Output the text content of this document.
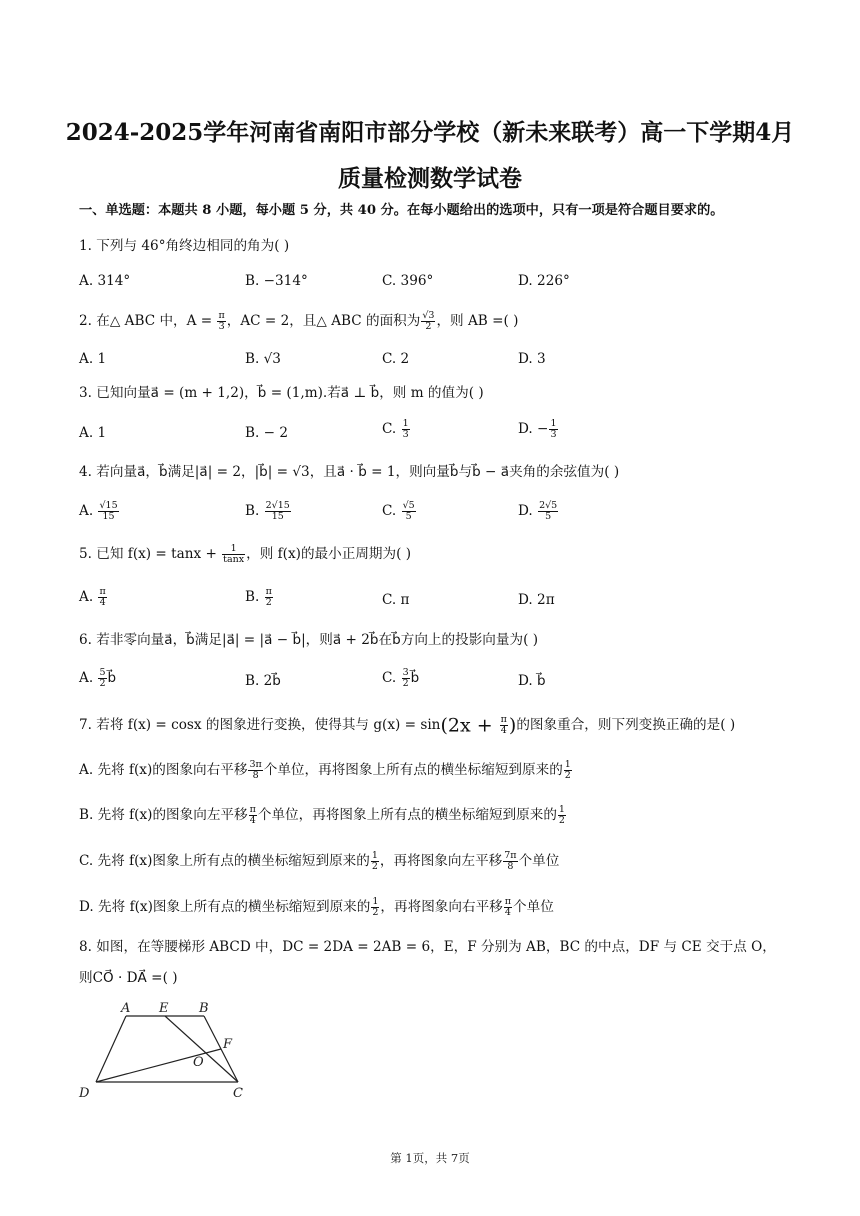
2024-2025学年河南省南阳市部分学校（新未来联考）高一下学期4月
质量检测数学试卷
一、单选题：本题共 8 小题，每小题 5 分，共 40 分。在每小题给出的选项中，只有一项是符合题目要求的。
1. 下列与 46°角终边相同的角为( )
A. 314°	B. −314°	C. 396°	D. 226°
2. 在△ ABC 中，$A = \frac{\pi}{3}$ ，AC = 2，且△ ABC 的面积为 $\frac{√3}{2}$ ，则 AB =( )
A. 1	B. √3	C. 2	D. 3
3. 已知向量a⃗ = (m + 1,2)，b⃗ = (1,m).若a⃗ ⊥ b⃗，则 m 的值为( )
A. 1	B. − 2	C. $\frac{1}{3}$	D. − $\frac{1}{3}$
4. 若向量a⃗，b⃗满足|a⃗| = 2，|b⃗| = √3，且a⃗ · b⃗ = 1，则向量b⃗与b⃗ − a⃗夹角的余弦值为( )
A. $\frac{√15}{15}$	B. $\frac{2√15}{15}$	C. $\frac{√5}{5}$	D. $\frac{2√5}{5}$
5. 已知 $f(x) = \tan x + \frac{1}{\tan x}$ ，则 f(x)的最小正周期为( )
A. $\frac{\pi}{4}$	B. $\frac{\pi}{2}$	C. π	D. 2π
6. 若非零向量a⃗，b⃗满足|a⃗| = |a⃗ − b⃗|，则a⃗ + 2b⃗在b⃗方向上的投影向量为( )
A. $\frac{5}{2}$ b⃗	B. 2b⃗	C. $\frac{3}{2}$ b⃗	D. b⃗
7. 若将 f(x) = cosx 的图象进行变换，使得其与 $g(x) = \sin(2x + \frac{\pi}{4}$ )的图象重合，则下列变换正确的是( )
A. 先将 f(x)的图象向右平移 $\frac{3\pi}{8}$ 个单位，再将图象上所有点的横坐标缩短到原来的 $\frac{1}{2}$
B. 先将 f(x)的图象向左平移 $\frac{\pi}{4}$ 个单位，再将图象上所有点的横坐标缩短到原来的 $\frac{1}{2}$
C. 先将 f(x)图象上所有点的横坐标缩短到原来的 $\frac{1}{2}$ ，再将图象向左平移 $\frac{7\pi}{8}$ 个单位
D. 先将 f(x)图象上所有点的横坐标缩短到原来的 $\frac{1}{2}$ ，再将图象向右平移 $\frac{\pi}{4}$ 个单位
8. 如图，在等腰梯形 ABCD 中，DC = 2DA = 2AB = 6，E，F 分别为 AB，BC 的中点，DF 与 CE 交于点 O，
则CO⃗ · DA⃗ =( )
A E B
F
O
D	C
第 1页，共 7页
